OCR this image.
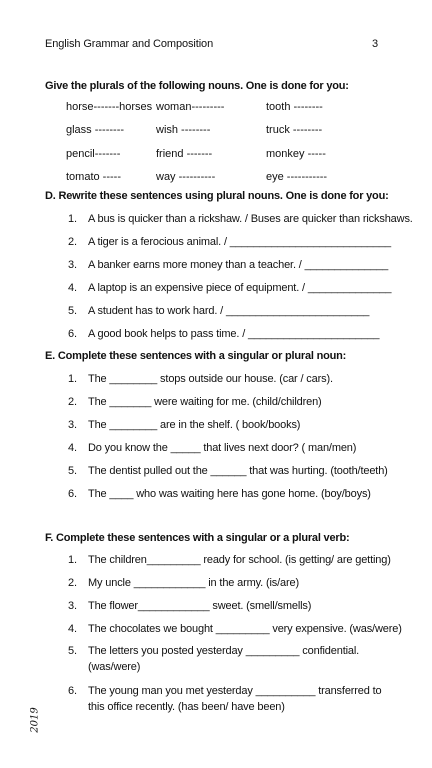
English Grammar and Composition	3
Give the plurals of the following nouns. One is done for you:
horse-------horses woman---------	tooth --------
glass --------	wish --------	truck --------
pencil-------	friend -------	monkey -----
tomato -----	way ----------	eye -----------
D. Rewrite these sentences using plural nouns. One is done for you:
1. A bus is quicker than a rickshaw. / Buses are quicker than rickshaws.
2. A tiger is a ferocious animal. / ___________________________
3. A banker earns more money than a teacher. / ______________
4. A laptop is an expensive piece of equipment. / ______________
5. A student has to work hard. / ________________________
6. A good book helps to pass time. / ______________________
E. Complete these sentences with a singular or plural noun:
1. The ________ stops outside our house. (car / cars).
2. The _______ were waiting for me. (child/children)
3. The ________ are in the shelf. ( book/books)
4. Do you know the _____ that lives next door? ( man/men)
5. The dentist pulled out the ______ that was hurting. (tooth/teeth)
6. The ____ who was waiting here has gone home. (boy/boys)
F. Complete these sentences with a singular or a plural verb:
1. The children_________ ready for school. (is getting/ are getting)
2. My uncle ____________ in the army. (is/are)
3. The flower____________ sweet. (smell/smells)
4. The chocolates we bought _________ very expensive. (was/were)
5. The letters you posted yesterday _________ confidential. (was/were)
6. The young man you met yesterday __________ transferred to this office recently. (has been/ have been)
2019
